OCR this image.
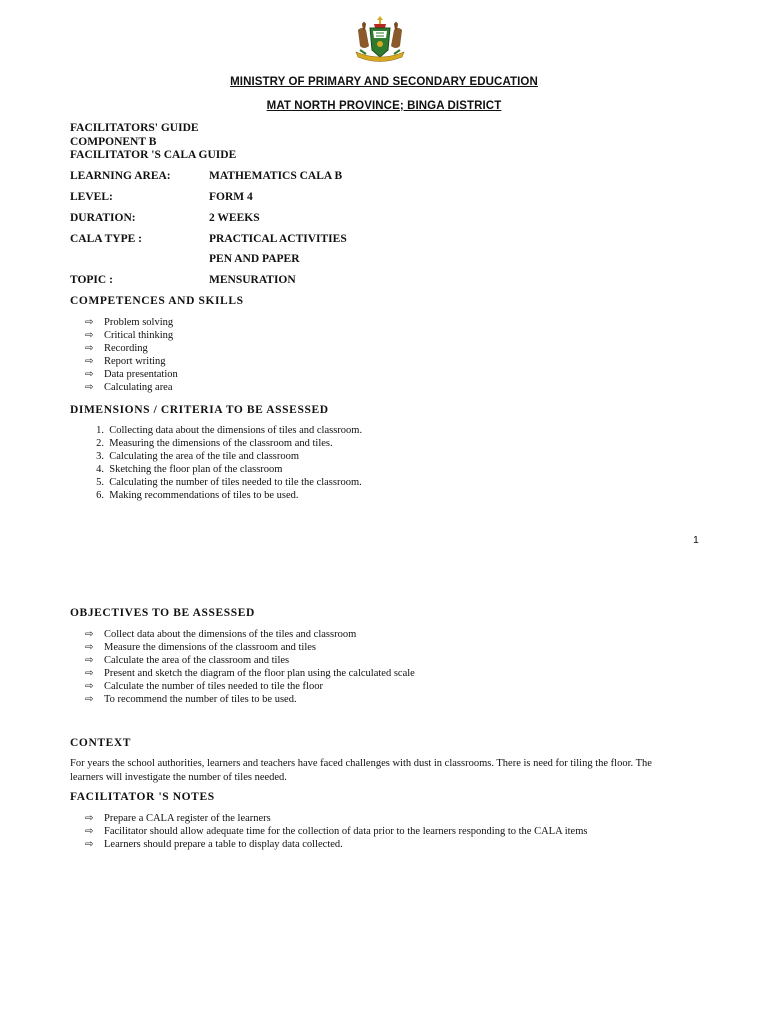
MINISTRY OF PRIMARY AND SECONDARY EDUCATION
MAT NORTH PROVINCE; BINGA DISTRICT
FACILITATORS' GUIDE
COMPONENT B
FACILITATOR 'S CALA GUIDE
LEARNING AREA:	MATHEMATICS CALA B
LEVEL:	FORM 4
DURATION:	2 WEEKS
CALA TYPE :	PRACTICAL ACTIVITIES
PEN AND PAPER
TOPIC :	MENSURATION
COMPETENCES AND SKILLS
⇨	Problem solving
⇨	Critical thinking
⇨	Recording
⇨	Report writing
⇨	Data presentation
⇨	Calculating area
DIMENSIONS / CRITERIA TO BE ASSESSED
1.
Collecting data about the dimensions of tiles and classroom.
2.
Measuring the dimensions of the classroom and tiles.
3.
Calculating the area of the tile and classroom
4.
Sketching the floor plan of the classroom
5.
Calculating the number of tiles needed to tile the classroom.
6.
Making recommendations of tiles to be used.
1
OBJECTIVES TO BE ASSESSED
⇨	Collect data about the dimensions of the tiles and classroom
⇨	Measure the dimensions of the classroom and tiles
⇨	Calculate the area of the classroom and tiles
⇨	Present and sketch the diagram of the floor plan using the calculated scale
⇨	Calculate the number of tiles needed to tile the floor
⇨	To recommend the number of tiles to be used.
CONTEXT
For years the school authorities, learners and teachers have faced challenges with dust in classrooms. There is need for tiling the floor. The learners will investigate the number of tiles needed.
FACILITATOR 'S NOTES
⇨	Prepare a CALA register of the learners
⇨	Facilitator should allow adequate time for the collection of data prior to the learners responding to the CALA items
⇨	Learners should prepare a table to display data collected.
